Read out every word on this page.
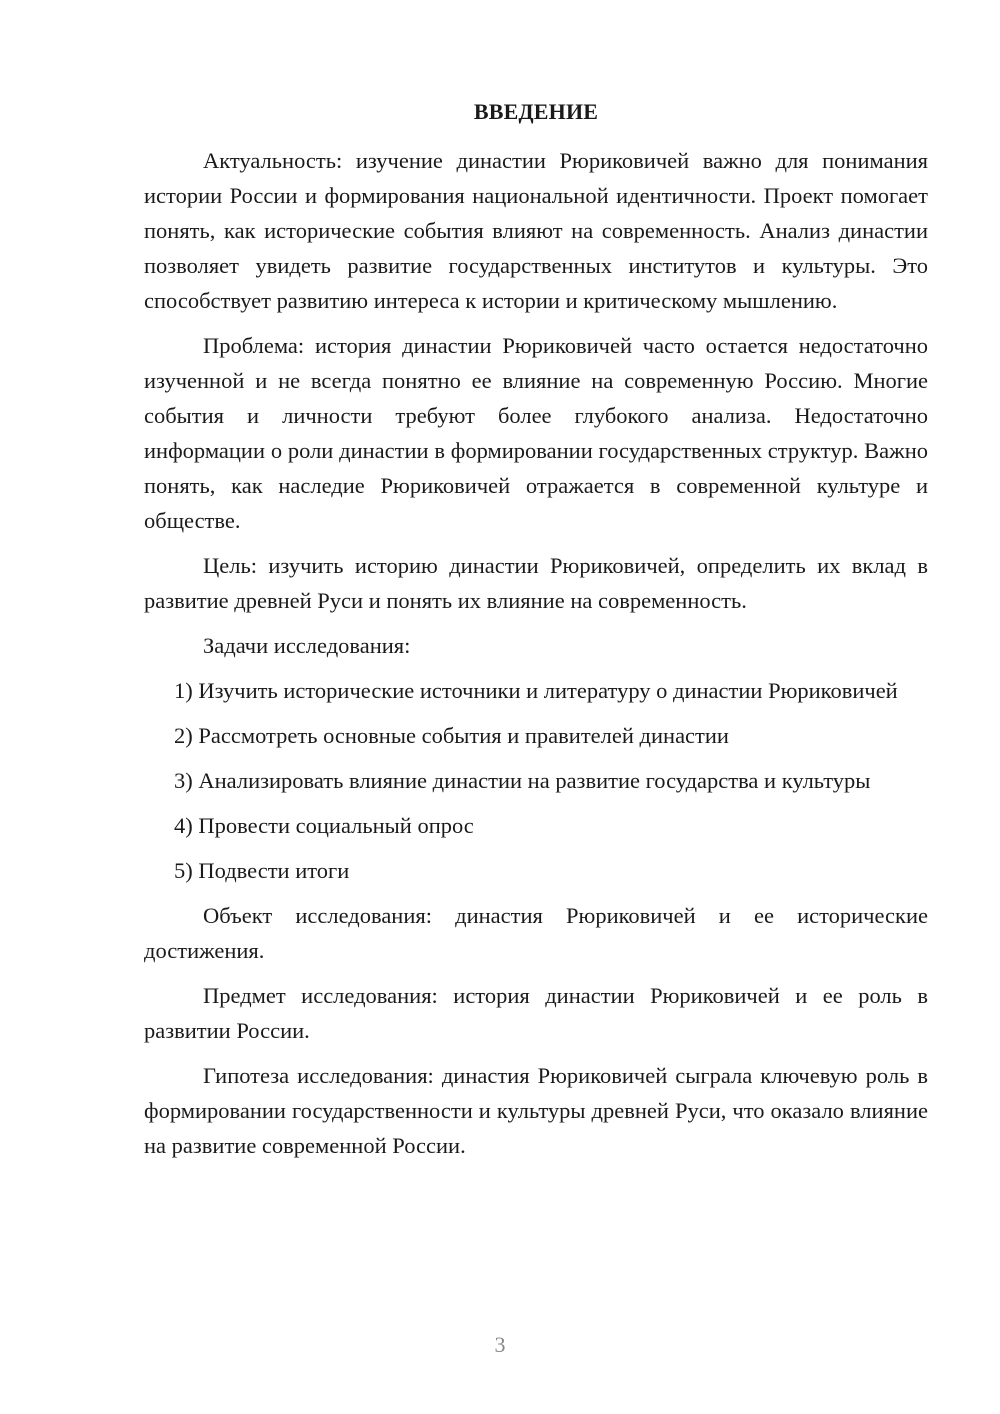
ВВЕДЕНИЕ

Актуальность: изучение династии Рюриковичей важно для понимания истории России и формирования национальной идентичности. Проект помогает понять, как исторические события влияют на современность. Анализ династии позволяет увидеть развитие государственных институтов и культуры. Это способствует развитию интереса к истории и критическому мышлению.

Проблема: история династии Рюриковичей часто остается недостаточно изученной и не всегда понятно ее влияние на современную Россию. Многие события и личности требуют более глубокого анализа. Недостаточно информации о роли династии в формировании государственных структур. Важно понять, как наследие Рюриковичей отражается в современной культуре и обществе.

Цель: изучить историю династии Рюриковичей, определить их вклад в развитие древней Руси и понять их влияние на современность.

Задачи исследования:

1) Изучить исторические источники и литературу о династии Рюриковичей

2) Рассмотреть основные события и правителей династии

3) Анализировать влияние династии на развитие государства и культуры

4) Провести социальный опрос

5) Подвести итоги

Объект исследования: династия Рюриковичей и ее исторические достижения.

Предмет исследования: история династии Рюриковичей и ее роль в развитии России.

Гипотеза исследования: династия Рюриковичей сыграла ключевую роль в формировании государственности и культуры древней Руси, что оказало влияние на развитие современной России.

3
